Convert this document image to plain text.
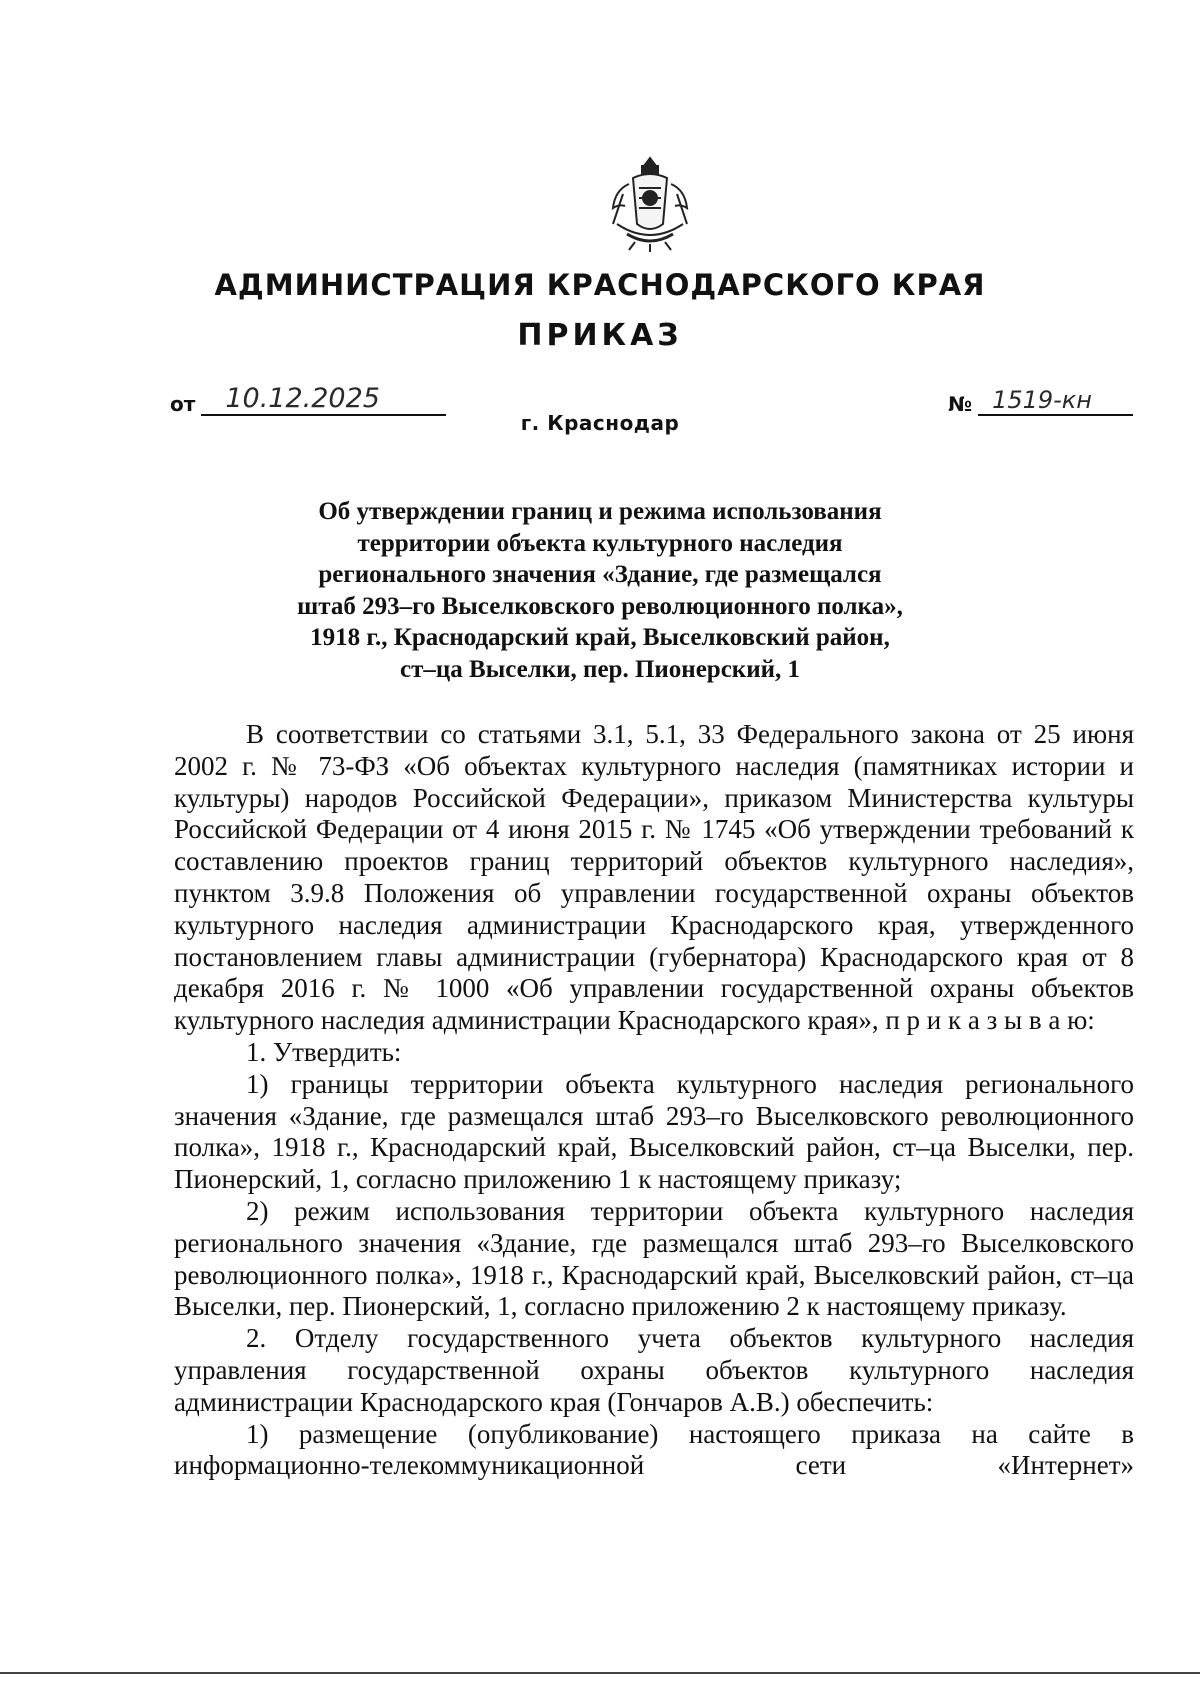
АДМИНИСТРАЦИЯ КРАСНОДАРСКОГО КРАЯ
ПРИКАЗ
от 10.12.2025	№ 1519-кн
г. Краснодар
Об утверждении границ и режима использования
территории объекта культурного наследия
регионального значения «Здание, где размещался
штаб 293–го Выселковского революционного полка»,
1918 г., Краснодарский край, Выселковский район,
ст–ца Выселки, пер. Пионерский, 1

В соответствии со статьями 3.1, 5.1, 33 Федерального закона от 25 июня 2002 г. № 73-ФЗ «Об объектах культурного наследия (памятниках истории и культуры) народов Российской Федерации», приказом Министерства культуры Российской Федерации от 4 июня 2015 г. № 1745 «Об утверждении требований к составлению проектов границ территорий объектов культурного наследия», пунктом 3.9.8 Положения об управлении государственной охраны объектов культурного наследия администрации Краснодарского края, утвержденного постановлением главы администрации (губернатора) Краснодарского края от 8 декабря 2016 г. № 1000 «Об управлении государственной охраны объектов культурного наследия администрации Краснодарского края», п р и к а з ы в а ю:

1. Утвердить:

1) границы территории объекта культурного наследия регионального значения «Здание, где размещался штаб 293–го Выселковского революционного полка», 1918 г., Краснодарский край, Выселковский район, ст–ца Выселки, пер. Пионерский, 1, согласно приложению 1 к настоящему приказу;

2) режим использования территории объекта культурного наследия регионального значения «Здание, где размещался штаб 293–го Выселковского революционного полка», 1918 г., Краснодарский край, Выселковский район, ст–ца Выселки, пер. Пионерский, 1, согласно приложению 2 к настоящему приказу.

2. Отделу государственного учета объектов культурного наследия управления государственной охраны объектов культурного наследия администрации Краснодарского края (Гончаров А.В.) обеспечить:

1) размещение (опубликование) настоящего приказа на сайте в информационно-телекоммуникационной сети «Интернет»
